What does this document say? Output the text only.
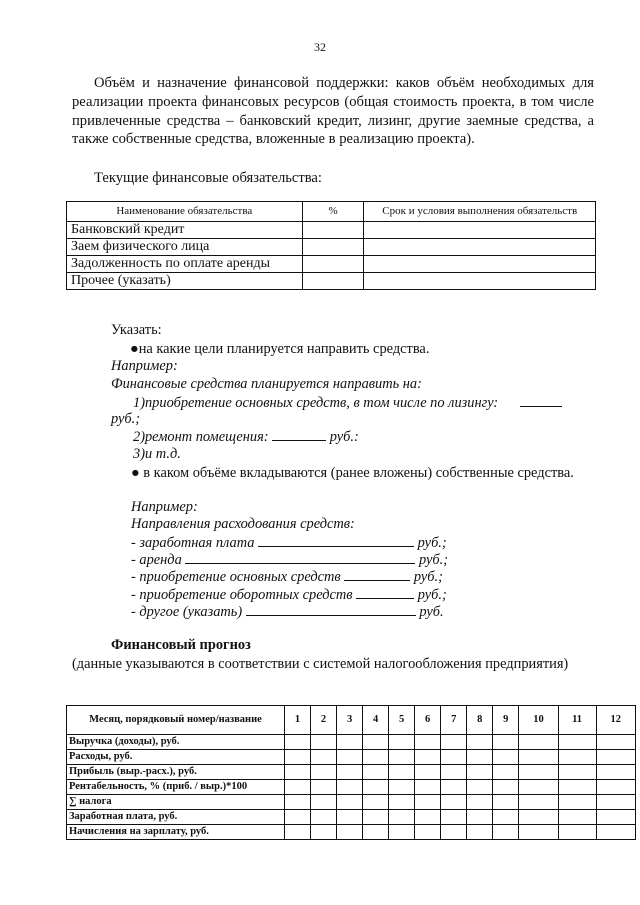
32
Объём и назначение финансовой поддержки: каков объём необходимых для реализации проекта финансовых ресурсов (общая стоимость проекта, в том числе привлеченные средства – банковский кредит, лизинг, другие заемные средства, а также собственные средства, вложенные в реализацию проекта).
Текущие финансовые обязательства:
Наименование обязательства	%	Срок и условия выполнения обязательств
Банковский кредит		
Заем физического лица		
Задолженность по оплате аренды		
Прочее (указать)		
Указать:
●на какие цели планируется направить средства.
Например:
Финансовые средства планируется направить на:
1)приобретение основных средств, в том числе по лизингу:
руб.;
2)ремонт помещения:	руб.:
3)и т.д.
● в каком объёме вкладываются (ранее вложены) собственные средства.
Например:
Направления расходования средств:
- заработная плата	руб.;
- аренда	руб.;
- приобретение основных средств	руб.;
- приобретение оборотных средств	руб.;
- другое (указать)	руб.
Финансовый прогноз
(данные указываются в соответствии с системой налогообложения предприятия)
Месяц, порядковый номер/название	1	2	3	4	5	6	7	8	9	10	11	12
Выручка (доходы), руб.												
Расходы, руб.												
Прибыль (выр.-расх.), руб.												
Рентабельность, % (приб. / выр.)*100												
∑ налога												
Заработная плата, руб.												
Начисления на зарплату, руб.												
